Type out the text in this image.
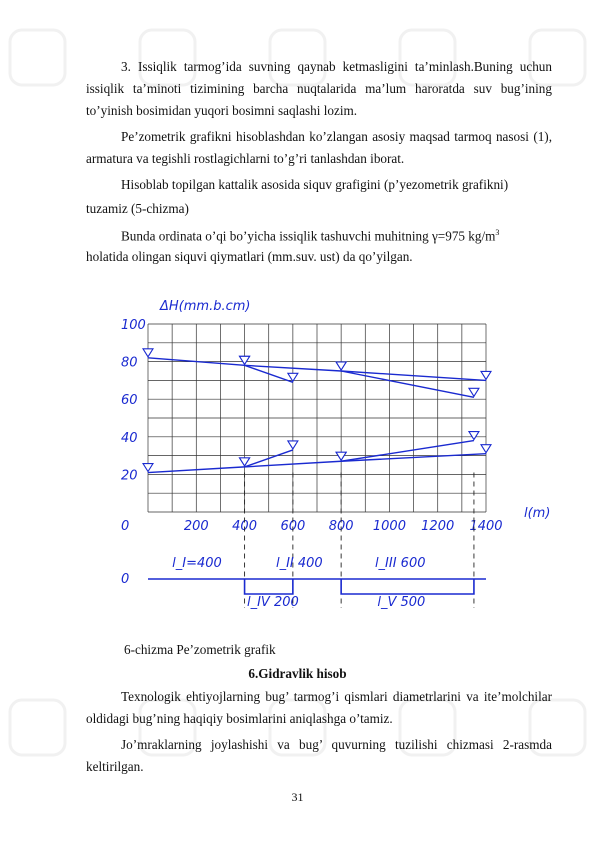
3. Issiqlik tarmog’ida suvning qaynab ketmasligini ta’minlash.Buning uchun issiqlik ta’minoti tizimining barcha nuqtalarida ma’lum haroratda suv bug’ining to’yinish bosimidan yuqori bosimni saqlashi lozim.
Pe’zometrik grafikni hisoblashdan ko’zlangan asosiy maqsad tarmoq nasosi (1), armatura va tegishli rostlagichlarni to’g’ri tanlashdan iborat.
Hisoblab topilgan kattalik asosida siquv grafigini (p’yezometrik grafikni)
tuzamiz (5-chizma)
Bunda ordinata o’qi bo’yicha issiqlik tashuvchi muhitning γ=975 $kg/m^3$
holatida olingan siquvi qiymatlari (mm.suv. ust) da qo’yilgan.
ΔH(mm.b.cm)
l(m)
100
80
60
40
20
200 400 600 800 1000 1200 1400
0
0
l_I=400	l_II 400	l_III 600
l_IV 200	l_V 500
6-chizma Pe’zometrik grafik
6.Gidravlik hisob
Texnologik ehtiyojlarning bug’ tarmog’i qismlari diametrlarini va ite’molchilar oldidagi bug’ning haqiqiy bosimlarini aniqlashga o’tamiz.
Jo’mraklarning joylashishi va bug’ quvurning tuzilishi chizmasi 2-rasmda keltirilgan.
31
